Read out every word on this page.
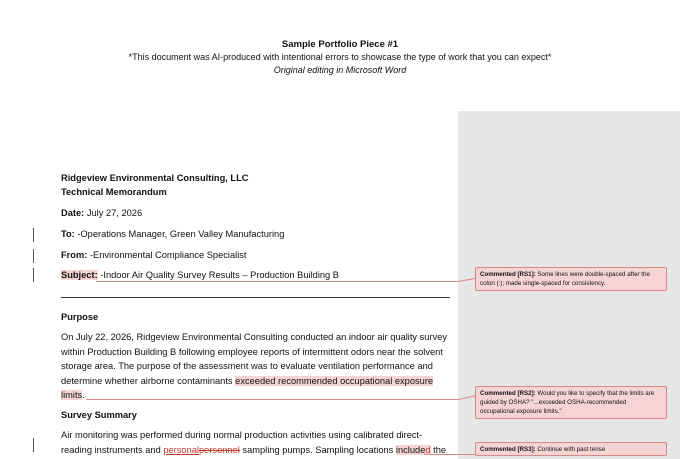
Sample Portfolio Piece #1
*This document was AI-produced with intentional errors to showcase the type of work that you can expect*
Original editing in Microsoft Word
Ridgeview Environmental Consulting, LLC
Technical Memorandum
Date: July 27, 2026
To: -Operations Manager, Green Valley Manufacturing
From: -Environmental Compliance Specialist
Subject: -Indoor Air Quality Survey Results – Production Building B
Purpose
On July 22, 2026, Ridgeview Environmental Consulting conducted an indoor air quality survey
within Production Building B following employee reports of intermittent odors near the solvent
storage area. The purpose of the assessment was to evaluate ventilation performance and
determine whether airborne contaminants exceeded recommended occupational exposure
limits.
Survey Summary
Air monitoring was performed during normal production activities using calibrated direct-
reading instruments and personalpersonnel sampling pumps. Sampling locations included the
Commented [RS1]: Some lines were double-spaced after the colon (:); made single-spaced for consistency.
Commented [RS2]: Would you like to specify that the limits are guided by OSHA? "...exceeded OSHA-recommended occupational exposure limits."
Commented [RS3]: Continue with past tense
